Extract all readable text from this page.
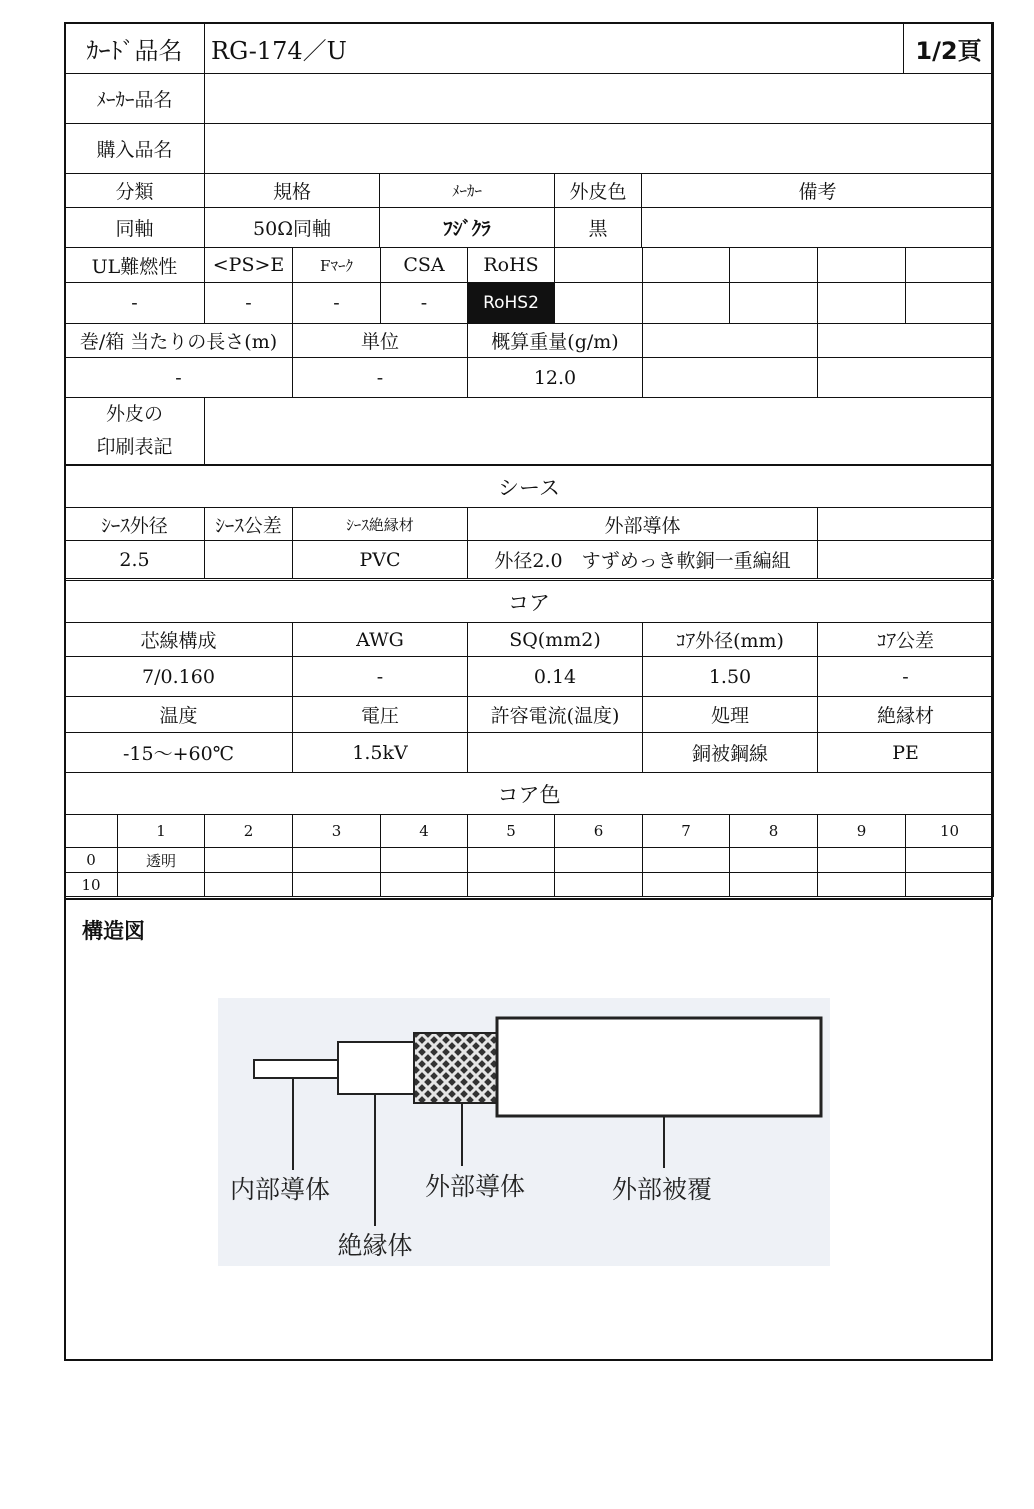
ｶｰﾄﾞ品名	RG-174／U	1/2頁
ﾒｰｶｰ品名		
購入品名		
分類	規格	ﾒｰｶｰ	外皮色	備考
同軸	50Ω同軸	ﾌｼﾞｸﾗ	黒	
UL難燃性	<PS>E	Fﾏｰｸ	CSA	RoHS					
-	-	-	-	RoHS2					
巻/箱 当たりの長さ(m)	単位	概算重量(g/m)		
-	-	12.0		
外皮の
印刷表記

シース				
ｼｰｽ外径	ｼｰｽ公差	ｼｰｽ絶縁材	外部導体	
2.5		PVC	外径2.0　すずめっき軟銅一重編組	
コア				
芯線構成	AWG	SQ(mm2)	ｺｱ外径(mm)	ｺｱ公差
7/0.160	-	0.14	1.50	-
温度	電圧	許容電流(温度)	処理	絶縁材
-15～+60℃	1.5kV		銅被鋼線	PE
コア色										
	1	2	3	4	5	6	7	8	9	10
0	透明									
10										
構造図
内部導体
絶縁体
外部導体	外部被覆
